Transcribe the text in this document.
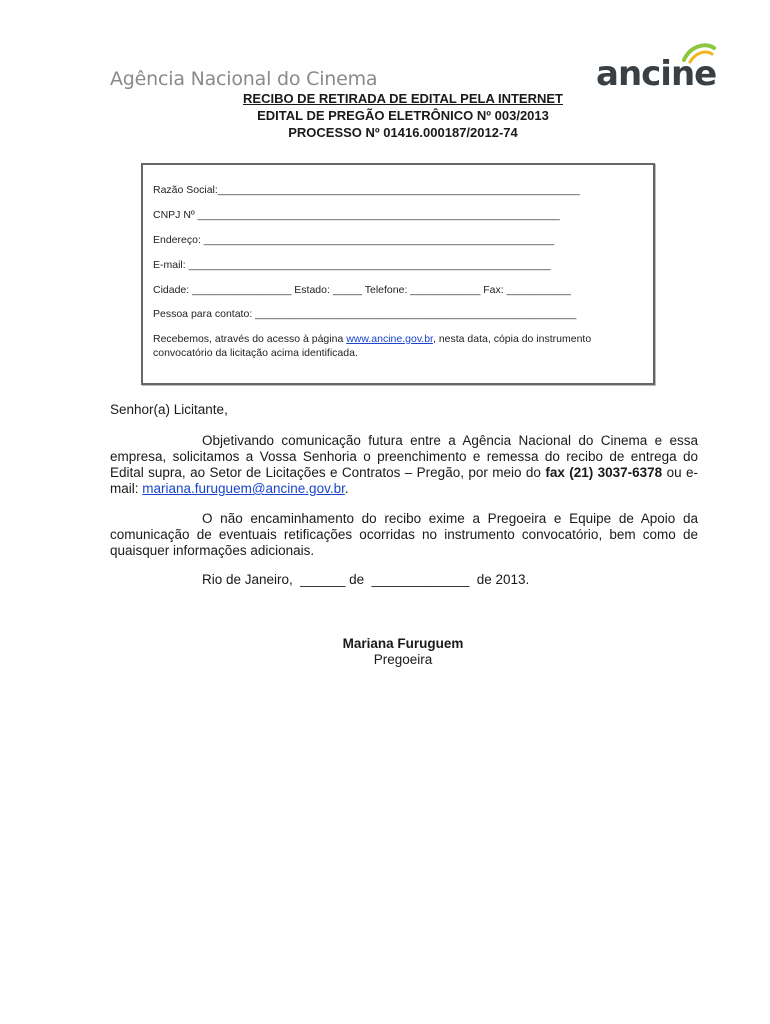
Agência Nacional do Cinema	ancine
RECIBO DE RETIRADA DE EDITAL PELA INTERNET
EDITAL DE PREGÃO ELETRÔNICO Nº 003/2013
PROCESSO Nº 01416.000187/2012-74
Razão Social:______________________________________________________________
CNPJ Nº ______________________________________________________________
Endereço: ____________________________________________________________
E-mail: ______________________________________________________________
Cidade: _________________ Estado: _____ Telefone: ____________ Fax: ___________
Pessoa para contato: _______________________________________________________
Recebemos, através do acesso à página www.ancine.gov.br, nesta data, cópia do instrumento convocatório da licitação acima identificada.
Senhor(a) Licitante,
Objetivando comunicação futura entre a Agência Nacional do Cinema e essa empresa, solicitamos a Vossa Senhoria o preenchimento e remessa do recibo de entrega do Edital supra, ao Setor de Licitações e Contratos – Pregão, por meio do fax (21) 3037-6378 ou e-mail: mariana.furuguem@ancine.gov.br.
O não encaminhamento do recibo exime a Pregoeira e Equipe de Apoio da comunicação de eventuais retificações ocorridas no instrumento convocatório, bem como de quaisquer informações adicionais.
Rio de Janeiro,  ______ de  _____________  de 2013.
Mariana Furuguem
Pregoeira
